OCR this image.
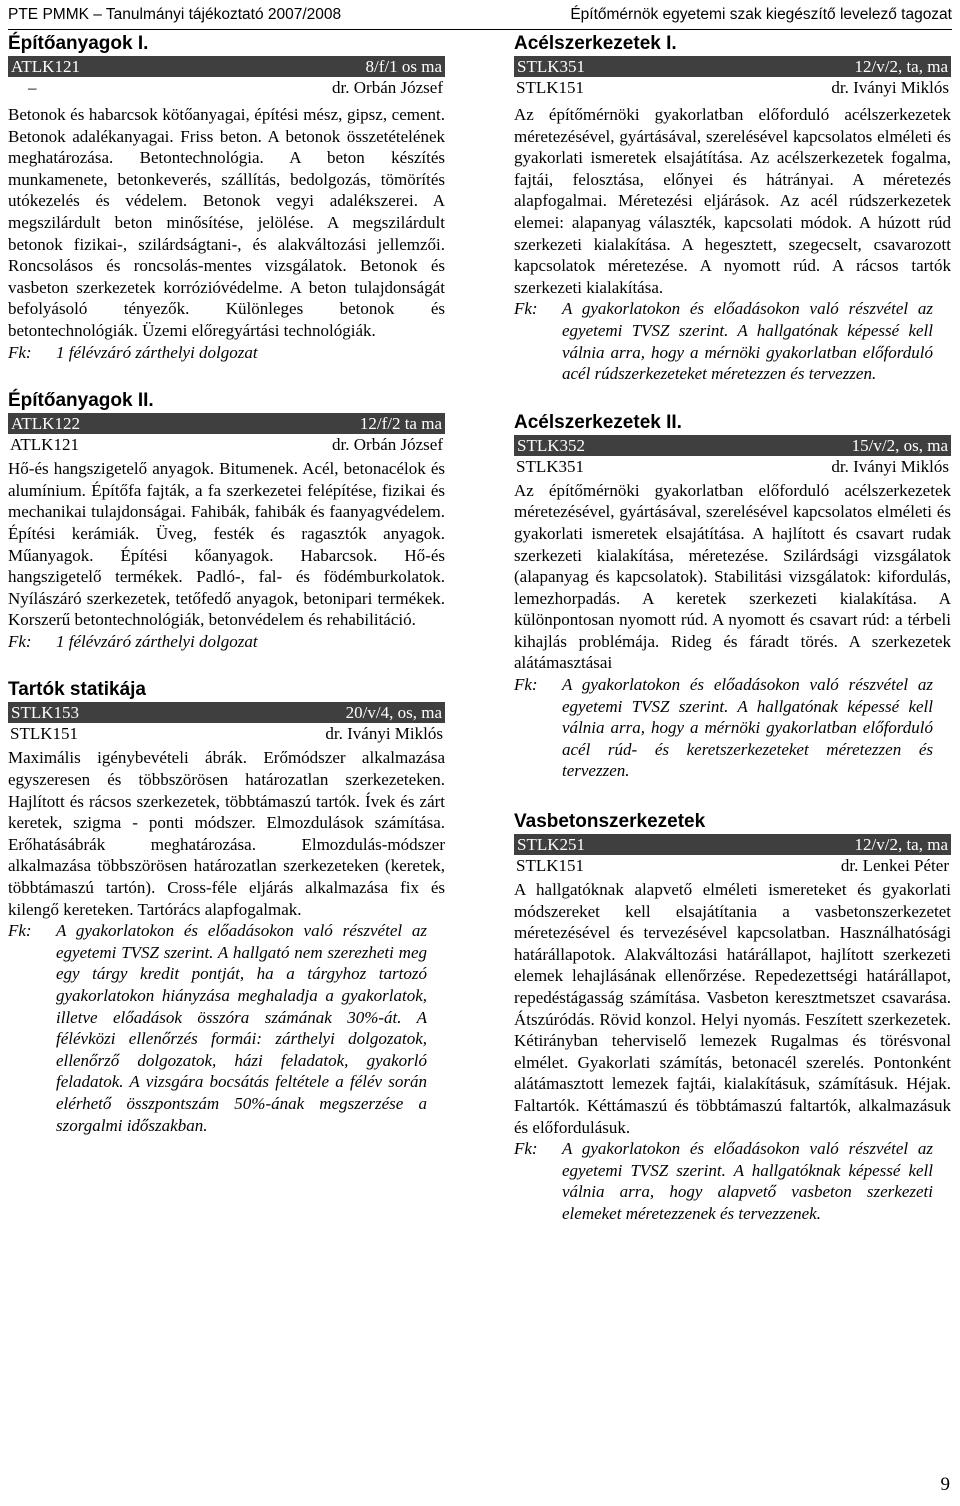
PTE PMMK – Tanulmányi tájékoztató 2007/2008	Építőmérnök egyetemi szak kiegészítő levelező tagozat
Építőanyagok I.
ATLK121	8/f/1 os ma
–	dr. Orbán József

Betonok és habarcsok kötőanyagai, építési mész, gipsz, cement. Betonok adalékanyagai. Friss beton. A betonok összetételének meghatározása. Betontechnológia. A beton készítés munkamenete, betonkeverés, szállítás, bedolgozás, tömörítés utókezelés és védelem. Betonok vegyi adalékszerei. A megszilárdult beton minősítése, jelölése. A megszilárdult betonok fizikai-, szilárdságtani-, és alakváltozási jellemzői. Roncsolásos és roncsolás-mentes vizsgálatok. Betonok és vasbeton szerkezetek korrózióvédelme. A beton tulajdonságát befolyásoló tényezők. Különleges betonok és betontechnológiák. Üzemi előregyártási technológiák.

Fk:	1 félévzáró zárthelyi dolgozat
Építőanyagok II.
ATLK122	12/f/2 ta ma
ATLK121	dr. Orbán József

Hő-és hangszigetelő anyagok. Bitumenek. Acél, betonacélok és alumínium. Építőfa fajták, a fa szerkezetei felépítése, fizikai és mechanikai tulajdonságai. Fahibák, fahibák és faanyagvédelem. Építési kerámiák. Üveg, festék és ragasztók anyagok. Műanyagok. Építési kőanyagok. Habarcsok. Hő-és hangszigetelő termékek. Padló-, fal- és födémburkolatok. Nyílászáró szerkezetek, tetőfedő anyagok, betonipari termékek. Korszerű betontechnológiák, betonvédelem és rehabilitáció.

Fk:	1 félévzáró zárthelyi dolgozat
Tartók statikája
STLK153	20/v/4, os, ma
STLK151	dr. Iványi Miklós

Maximális igénybevételi ábrák. Erőmódszer alkalmazása egyszeresen és többszörösen határozatlan szerkezeteken. Hajlított és rácsos szerkezetek, többtámaszú tartók. Ívek és zárt keretek, szigma - ponti módszer. Elmozdulások számítása. Erőhatásábrák meghatározása. Elmozdulás-módszer alkalmazása többszörösen határozatlan szerkezeteken (keretek, többtámaszú tartón). Cross-féle eljárás alkalmazása fix és kilengő kereteken. Tartórács alapfogalmak.

Fk:	A gyakorlatokon és előadásokon való részvétel az egyetemi TVSZ szerint. A hallgató nem szerezheti meg egy tárgy kredit pontját, ha a tárgyhoz tartozó gyakorlatokon hiányzása meghaladja a gyakorlatok, illetve előadások összóra számának 30%-át. A félévközi ellenőrzés formái: zárthelyi dolgozatok, ellenőrző dolgozatok, házi feladatok, gyakorló feladatok. A vizsgára bocsátás feltétele a félév során elérhető összpontszám 50%-ának megszerzése a szorgalmi időszakban.
Acélszerkezetek I.
STLK351	12/v/2, ta, ma
STLK151	dr. Iványi Miklós

Az építőmérnöki gyakorlatban előforduló acélszerkezetek méretezésével, gyártásával, szerelésével kapcsolatos elméleti és gyakorlati ismeretek elsajátítása. Az acélszerkezetek fogalma, fajtái, felosztása, előnyei és hátrányai. A méretezés alapfogalmai. Méretezési eljárások. Az acél rúdszerkezetek elemei: alapanyag választék, kapcsolati módok. A húzott rúd szerkezeti kialakítása. A hegesztett, szegecselt, csavarozott kapcsolatok méretezése. A nyomott rúd. A rácsos tartók szerkezeti kialakítása.

Fk:	A gyakorlatokon és előadásokon való részvétel az egyetemi TVSZ szerint. A hallgatónak képessé kell válnia arra, hogy a mérnöki gyakorlatban előforduló acél rúdszerkezeteket méretezzen és tervezzen.
Acélszerkezetek II.
STLK352	15/v/2, os, ma
STLK351	dr. Iványi Miklós

Az építőmérnöki gyakorlatban előforduló acélszerkezetek méretezésével, gyártásával, szerelésével kapcsolatos elméleti és gyakorlati ismeretek elsajátítása. A hajlított és csavart rudak szerkezeti kialakítása, méretezése. Szilárdsági vizsgálatok (alapanyag és kapcsolatok). Stabilitási vizsgálatok: kifordulás, lemezhorpadás. A keretek szerkezeti kialakítása. A különpontosan nyomott rúd. A nyomott és csavart rúd: a térbeli kihajlás problémája. Rideg és fáradt törés. A szerkezetek alátámasztásai

Fk:	A gyakorlatokon és előadásokon való részvétel az egyetemi TVSZ szerint. A hallgatónak képessé kell válnia arra, hogy a mérnöki gyakorlatban előforduló acél rúd- és keretszerkezeteket méretezzen és tervezzen.
Vasbetonszerkezetek
STLK251	12/v/2, ta, ma
STLK151	dr. Lenkei Péter

A hallgatóknak alapvető elméleti ismereteket és gyakorlati módszereket kell elsajátítania a vasbetonszerkezetet méretezésével és tervezésével kapcsolatban. Használhatósági határállapotok. Alakváltozási határállapot, hajlított szerkezeti elemek lehajlásának ellenőrzése. Repedezettségi határállapot, repedéstágasság számítása. Vasbeton keresztmetszet csavarása. Átszúródás. Rövid konzol. Helyi nyomás. Feszített szerkezetek. Kétirányban teherviselő lemezek Rugalmas és törésvonal elmélet. Gyakorlati számítás, betonacél szerelés. Pontonként alátámasztott lemezek fajtái, kialakításuk, számításuk. Héjak. Faltartók. Kéttámaszú és többtámaszú faltartók, alkalmazásuk és előfordulásuk.

Fk:	A gyakorlatokon és előadásokon való részvétel az egyetemi TVSZ szerint. A hallgatóknak képessé kell válnia arra, hogy alapvető vasbeton szerkezeti elemeket méretezzenek és tervezzenek.
9
